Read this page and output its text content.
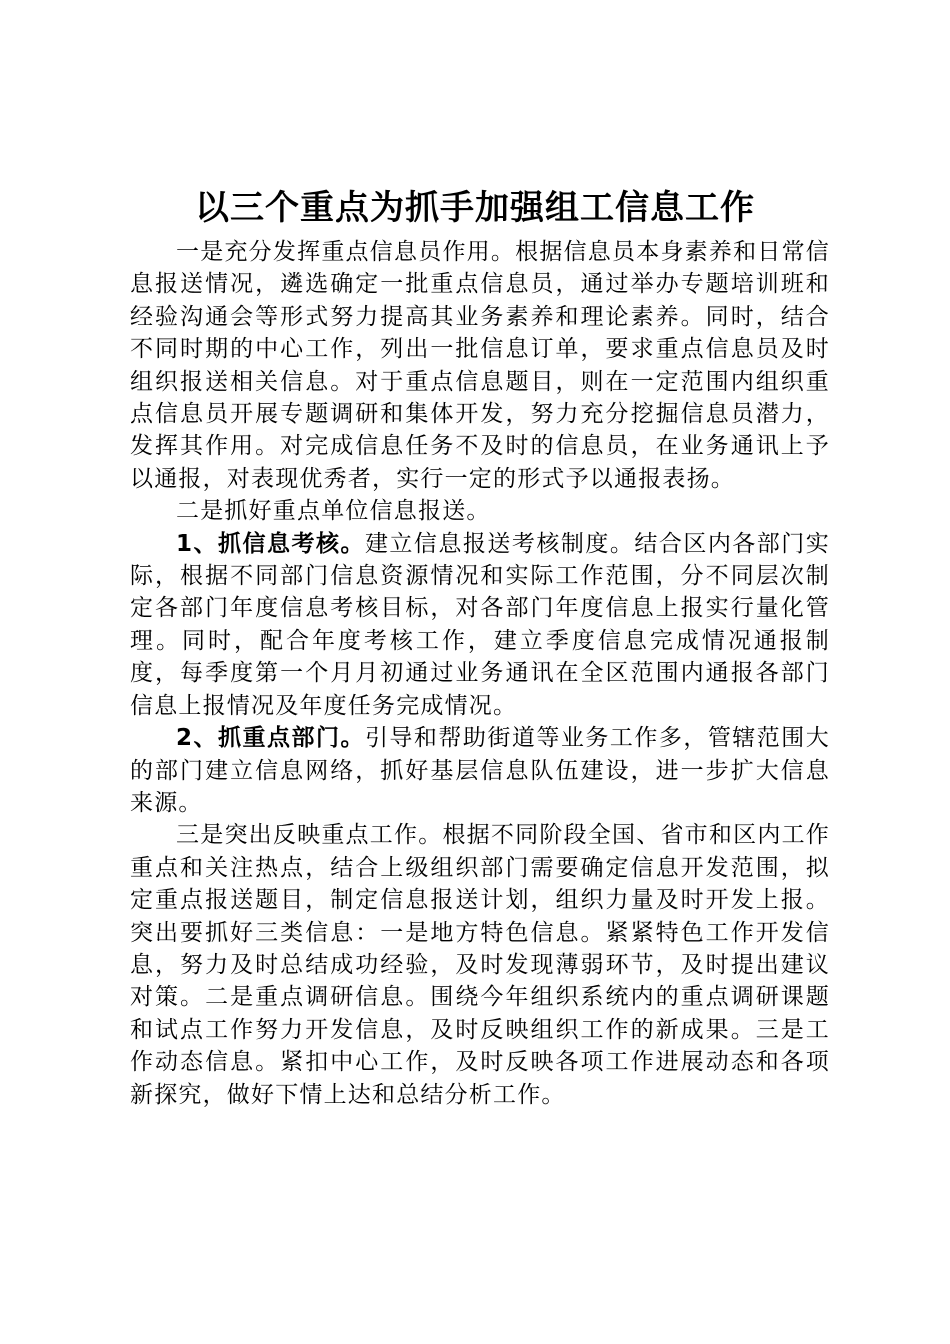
以三个重点为抓手加强组工信息工作

一是充分发挥重点信息员作用。根据信息员本身素养和日常信息报送情况，遴选确定一批重点信息员，通过举办专题培训班和经验沟通会等形式努力提高其业务素养和理论素养。同时，结合不同时期的中心工作，列出一批信息订单，要求重点信息员及时组织报送相关信息。对于重点信息题目，则在一定范围内组织重点信息员开展专题调研和集体开发，努力充分挖掘信息员潜力，发挥其作用。对完成信息任务不及时的信息员，在业务通讯上予以通报，对表现优秀者，实行一定的形式予以通报表扬。

二是抓好重点单位信息报送。

1、抓信息考核。建立信息报送考核制度。结合区内各部门实际，根据不同部门信息资源情况和实际工作范围，分不同层次制定各部门年度信息考核目标，对各部门年度信息上报实行量化管理。同时，配合年度考核工作，建立季度信息完成情况通报制度，每季度第一个月月初通过业务通讯在全区范围内通报各部门信息上报情况及年度任务完成情况。

2、抓重点部门。引导和帮助街道等业务工作多，管辖范围大的部门建立信息网络，抓好基层信息队伍建设，进一步扩大信息来源。

三是突出反映重点工作。根据不同阶段全国、省市和区内工作重点和关注热点，结合上级组织部门需要确定信息开发范围，拟定重点报送题目，制定信息报送计划，组织力量及时开发上报。突出要抓好三类信息：一是地方特色信息。紧紧特色工作开发信息，努力及时总结成功经验，及时发现薄弱环节，及时提出建议对策。二是重点调研信息。围绕今年组织系统内的重点调研课题和试点工作努力开发信息，及时反映组织工作的新成果。三是工作动态信息。紧扣中心工作，及时反映各项工作进展动态和各项新探究，做好下情上达和总结分析工作。
